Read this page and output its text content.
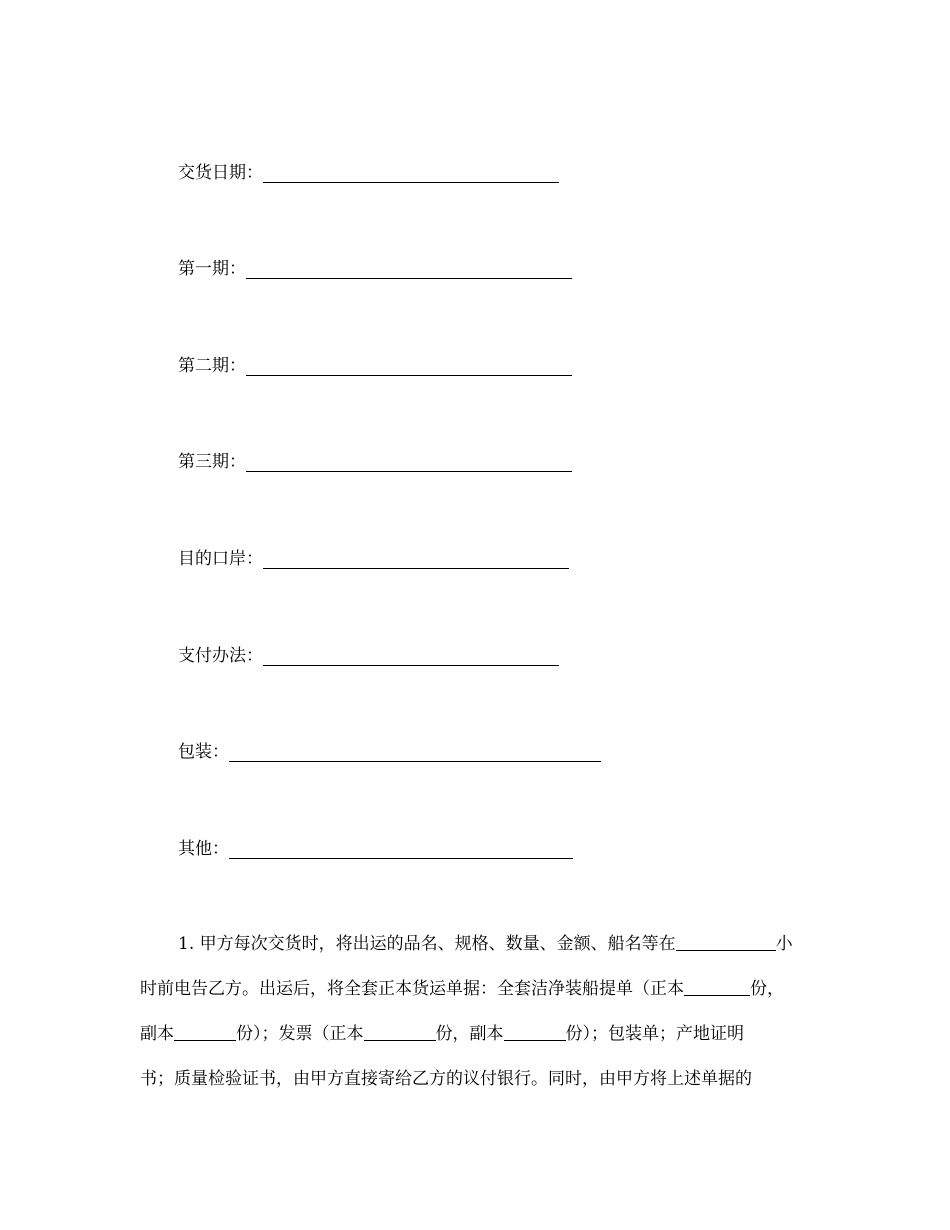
交货日期：
第一期：
第二期：
第三期：
目的口岸：
支付办法：
包装：
其他：

1. 甲方每次交货时，将出运的品名、规格、数量、金额、船名等在	小

时前电告乙方。出运后，将全套正本货运单据：全套洁净装船提单（正本	份，

副本	份）；发票（正本	份，副本	份）；包装单；产地证明

书；质量检验证书，由甲方直接寄给乙方的议付银行。同时，由甲方将上述单据的
